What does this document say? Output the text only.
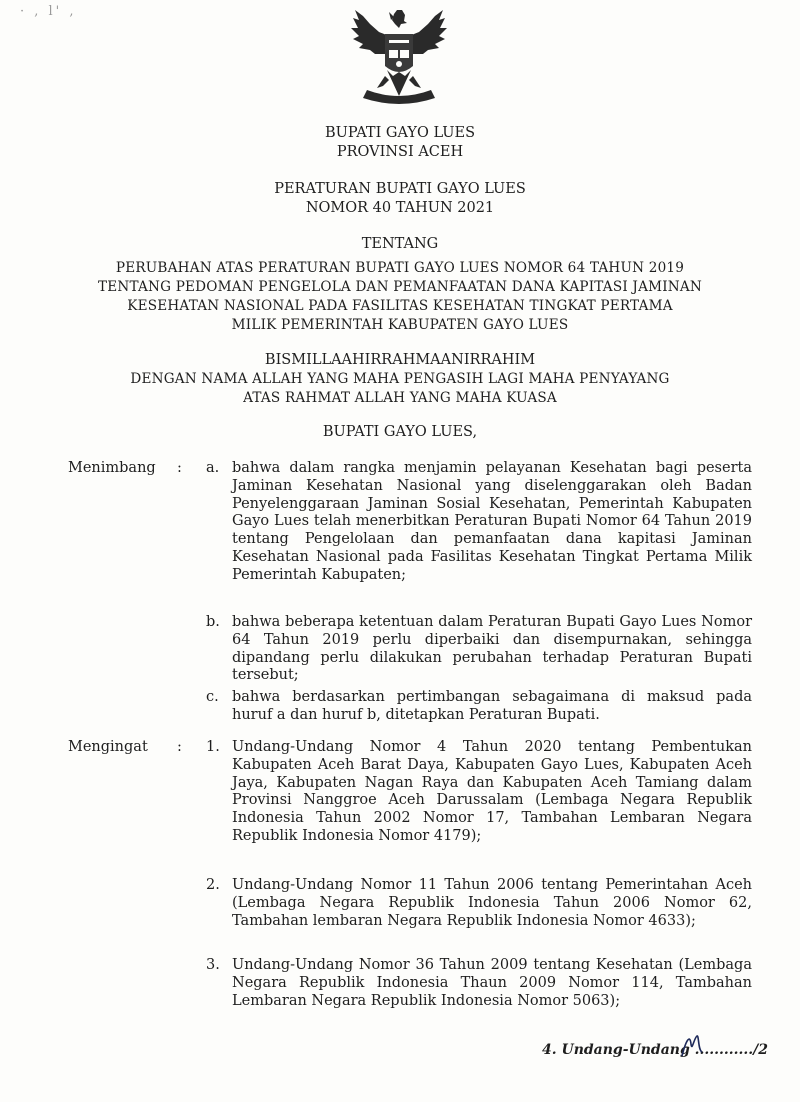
· , l' ,
BUPATI GAYO LUES
PROVINSI ACEH
PERATURAN BUPATI GAYO LUES
NOMOR 40 TAHUN 2021
TENTANG
PERUBAHAN ATAS PERATURAN BUPATI GAYO LUES NOMOR 64 TAHUN 2019
TENTANG PEDOMAN PENGELOLA DAN PEMANFAATAN DANA KAPITASI JAMINAN
KESEHATAN NASIONAL PADA FASILITAS KESEHATAN TINGKAT PERTAMA
MILIK PEMERINTAH KABUPATEN GAYO LUES
BISMILLAAHIRRAHMAANIRRAHIM
DENGAN NAMA ALLAH YANG MAHA PENGASIH LAGI MAHA PENYAYANG
ATAS RAHMAT ALLAH YANG MAHA KUASA
BUPATI GAYO LUES,
Menimbang : a. bahwa dalam rangka menjamin pelayanan Kesehatan bagi peserta Jaminan Kesehatan Nasional yang diselenggarakan oleh Badan Penyelenggaraan Jaminan Sosial Kesehatan, Pemerintah Kabupaten Gayo Lues telah menerbitkan Peraturan Bupati Nomor 64 Tahun 2019 tentang Pengelolaan dan pemanfaatan dana kapitasi Jaminan Kesehatan Nasional pada Fasilitas Kesehatan Tingkat Pertama Milik Pemerintah Kabupaten;
b. bahwa beberapa ketentuan dalam Peraturan Bupati Gayo Lues Nomor 64 Tahun 2019 perlu diperbaiki dan disempurnakan, sehingga dipandang perlu dilakukan perubahan terhadap Peraturan Bupati tersebut;
c. bahwa berdasarkan pertimbangan sebagaimana di maksud pada huruf a dan huruf b, ditetapkan Peraturan Bupati.
Mengingat : 1. Undang-Undang Nomor 4 Tahun 2020 tentang Pembentukan Kabupaten Aceh Barat Daya, Kabupaten Gayo Lues, Kabupaten Aceh Jaya, Kabupaten Nagan Raya dan Kabupaten Aceh Tamiang dalam Provinsi Nanggroe Aceh Darussalam (Lembaga Negara Republik Indonesia Tahun 2002 Nomor 17, Tambahan Lembaran Negara Republik Indonesia Nomor 4179);
2. Undang-Undang Nomor 11 Tahun 2006 tentang Pemerintahan Aceh (Lembaga Negara Republik Indonesia Tahun 2006 Nomor 62, Tambahan lembaran Negara Republik Indonesia Nomor 4633);
3. Undang-Undang Nomor 36 Tahun 2009 tentang Kesehatan (Lembaga Negara Republik Indonesia Thaun 2009 Nomor 114, Tambahan Lembaran Negara Republik Indonesia Nomor 5063);
4. Undang-Undang ............/2
